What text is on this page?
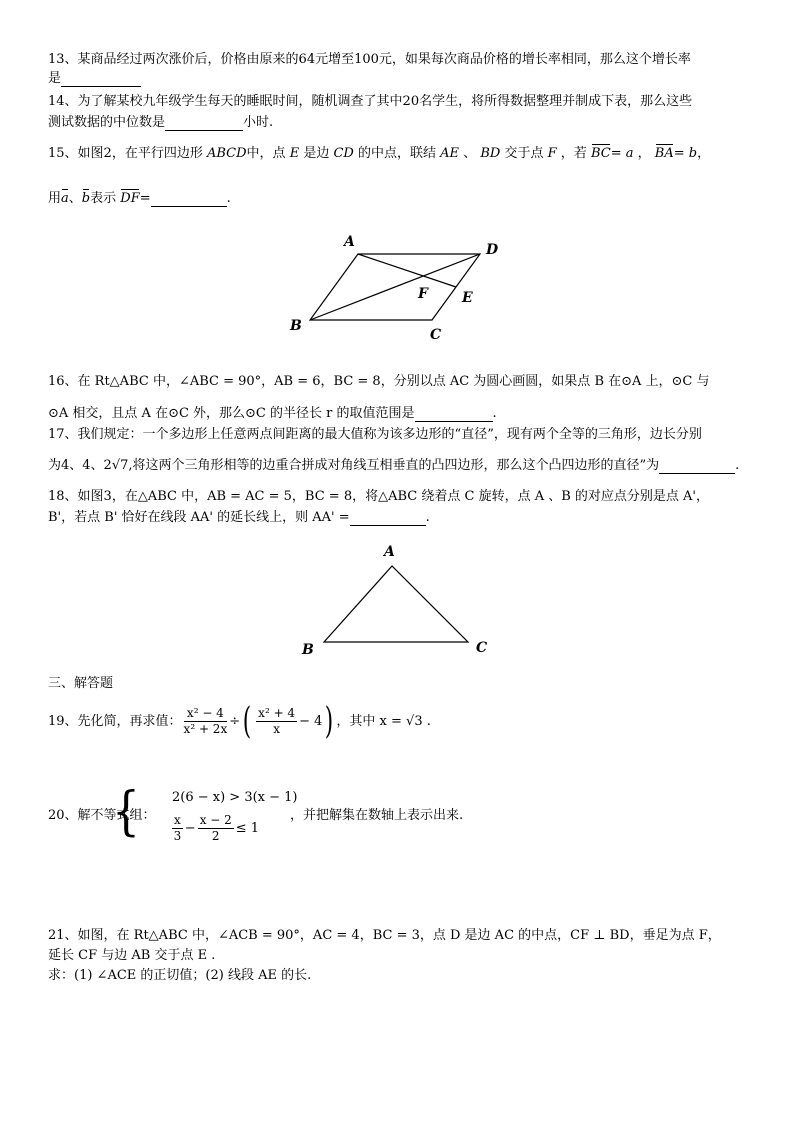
13、某商品经过两次涨价后，价格由原来的64元增至100元，如果每次商品价格的增长率相同，那么这个增长率
是
14、为了解某校九年级学生每天的睡眠时间，随机调查了其中20名学生，将所得数据整理并制成下表，那么这些
测试数据的中位数是	小时.
15、如图2，在平行四边形 ABCD中，点 E 是边 CD 的中点，联结 AE 、 BD 交于点 F ，若 BC= a ， BA= b，
用a、b表示 DF=	.
A	D
B
C
F E
16、在 Rt△ABC 中，∠ABC = 90°，AB = 6，BC = 8，分别以点 AC 为圆心画圆，如果点 B 在⊙A 上，⊙C 与
⊙A 相交，且点 A 在⊙C 外，那么⊙C 的半径长 r 的取值范围是	.
17、我们规定：一个多边形上任意两点间距离的最大值称为该多边形的“直径”，现有两个全等的三角形，边长分别
为4、4、2√7,将这两个三角形相等的边重合拼成对角线互相垂直的凸四边形，那么这个凸四边形的直径”为	.
18、如图3，在△ABC 中，AB = AC = 5，BC = 8，将△ABC 绕着点 C 旋转，点 A 、B 的对应点分别是点 A'，
B'，若点 B' 恰好在线段 AA' 的延长线上，则 AA' =	.
A
B	C
三、解答题
19、先化简，再求值： $\frac{\text{x² − 4}}{\text{x² + 2x}}$ ÷( $\frac{\text{x² + 4}}{x} - 4$) ，其中 x = √3 .
20、解不等式组：
{ 2(6 − x) > 3(x − 1)
$\frac{x}{3} - \frac{x - 2}{2} \le 1$
，并把解集在数轴上表示出来.
21、如图，在 Rt△ABC 中，∠ACB = 90°，AC = 4，BC = 3，点 D 是边 AC 的中点，CF ⊥ BD，垂足为点 F，
延长 CF 与边 AB 交于点 E .
求：(1) ∠ACE 的正切值；(2) 线段 AE 的长.
